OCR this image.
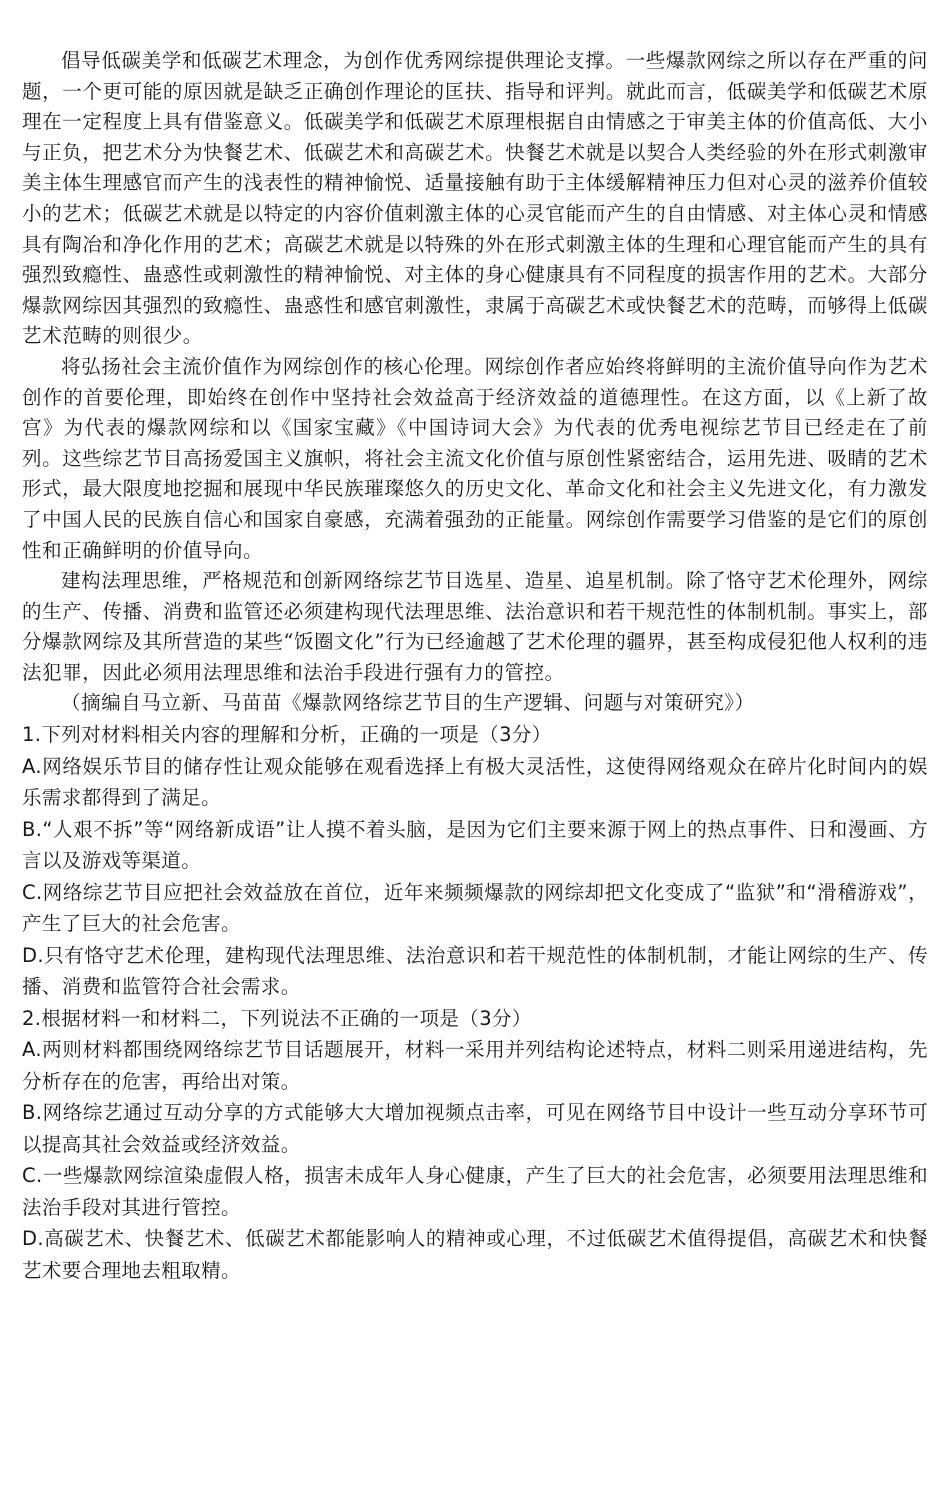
倡导低碳美学和低碳艺术理念，为创作优秀网综提供理论支撑。一些爆款网综之所以存在严重的问题，一个更可能的原因就是缺乏正确创作理论的匡扶、指导和评判。就此而言，低碳美学和低碳艺术原理在一定程度上具有借鉴意义。低碳美学和低碳艺术原理根据自由情感之于审美主体的价值高低、大小与正负，把艺术分为快餐艺术、低碳艺术和高碳艺术。快餐艺术就是以契合人类经验的外在形式刺激审美主体生理感官而产生的浅表性的精神愉悦、适量接触有助于主体缓解精神压力但对心灵的滋养价值较小的艺术；低碳艺术就是以特定的内容价值刺激主体的心灵官能而产生的自由情感、对主体心灵和情感具有陶冶和净化作用的艺术；高碳艺术就是以特殊的外在形式刺激主体的生理和心理官能而产生的具有强烈致瘾性、蛊惑性或刺激性的精神愉悦、对主体的身心健康具有不同程度的损害作用的艺术。大部分爆款网综因其强烈的致瘾性、蛊惑性和感官刺激性，隶属于高碳艺术或快餐艺术的范畴，而够得上低碳艺术范畴的则很少。

将弘扬社会主流价值作为网综创作的核心伦理。网综创作者应始终将鲜明的主流价值导向作为艺术创作的首要伦理，即始终在创作中坚持社会效益高于经济效益的道德理性。在这方面，以《上新了故宫》为代表的爆款网综和以《国家宝藏》《中国诗词大会》为代表的优秀电视综艺节目已经走在了前列。这些综艺节目高扬爱国主义旗帜，将社会主流文化价值与原创性紧密结合，运用先进、吸睛的艺术形式，最大限度地挖掘和展现中华民族璀璨悠久的历史文化、革命文化和社会主义先进文化，有力激发了中国人民的民族自信心和国家自豪感，充满着强劲的正能量。网综创作需要学习借鉴的是它们的原创性和正确鲜明的价值导向。

建构法理思维，严格规范和创新网络综艺节目选星、造星、追星机制。除了恪守艺术伦理外，网综的生产、传播、消费和监管还必须建构现代法理思维、法治意识和若干规范性的体制机制。事实上，部分爆款网综及其所营造的某些“饭圈文化”行为已经逾越了艺术伦理的疆界，甚至构成侵犯他人权利的违法犯罪，因此必须用法理思维和法治手段进行强有力的管控。

（摘编自马立新、马苗苗《爆款网络综艺节目的生产逻辑、问题与对策研究》）

1.下列对材料相关内容的理解和分析，正确的一项是（3分）

A.网络娱乐节目的储存性让观众能够在观看选择上有极大灵活性，这使得网络观众在碎片化时间内的娱乐需求都得到了满足。

B.“人艰不拆”等“网络新成语”让人摸不着头脑，是因为它们主要来源于网上的热点事件、日和漫画、方言以及游戏等渠道。

C.网络综艺节目应把社会效益放在首位，近年来频频爆款的网综却把文化变成了“监狱”和“滑稽游戏”，产生了巨大的社会危害。

D.只有恪守艺术伦理，建构现代法理思维、法治意识和若干规范性的体制机制，才能让网综的生产、传播、消费和监管符合社会需求。

2.根据材料一和材料二，下列说法不正确的一项是（3分）

A.两则材料都围绕网络综艺节目话题展开，材料一采用并列结构论述特点，材料二则采用递进结构，先分析存在的危害，再给出对策。

B.网络综艺通过互动分享的方式能够大大增加视频点击率，可见在网络节目中设计一些互动分享环节可以提高其社会效益或经济效益。

C.一些爆款网综渲染虚假人格，损害未成年人身心健康，产生了巨大的社会危害，必须要用法理思维和法治手段对其进行管控。

D.高碳艺术、快餐艺术、低碳艺术都能影响人的精神或心理，不过低碳艺术值得提倡，高碳艺术和快餐艺术要合理地去粗取精。
